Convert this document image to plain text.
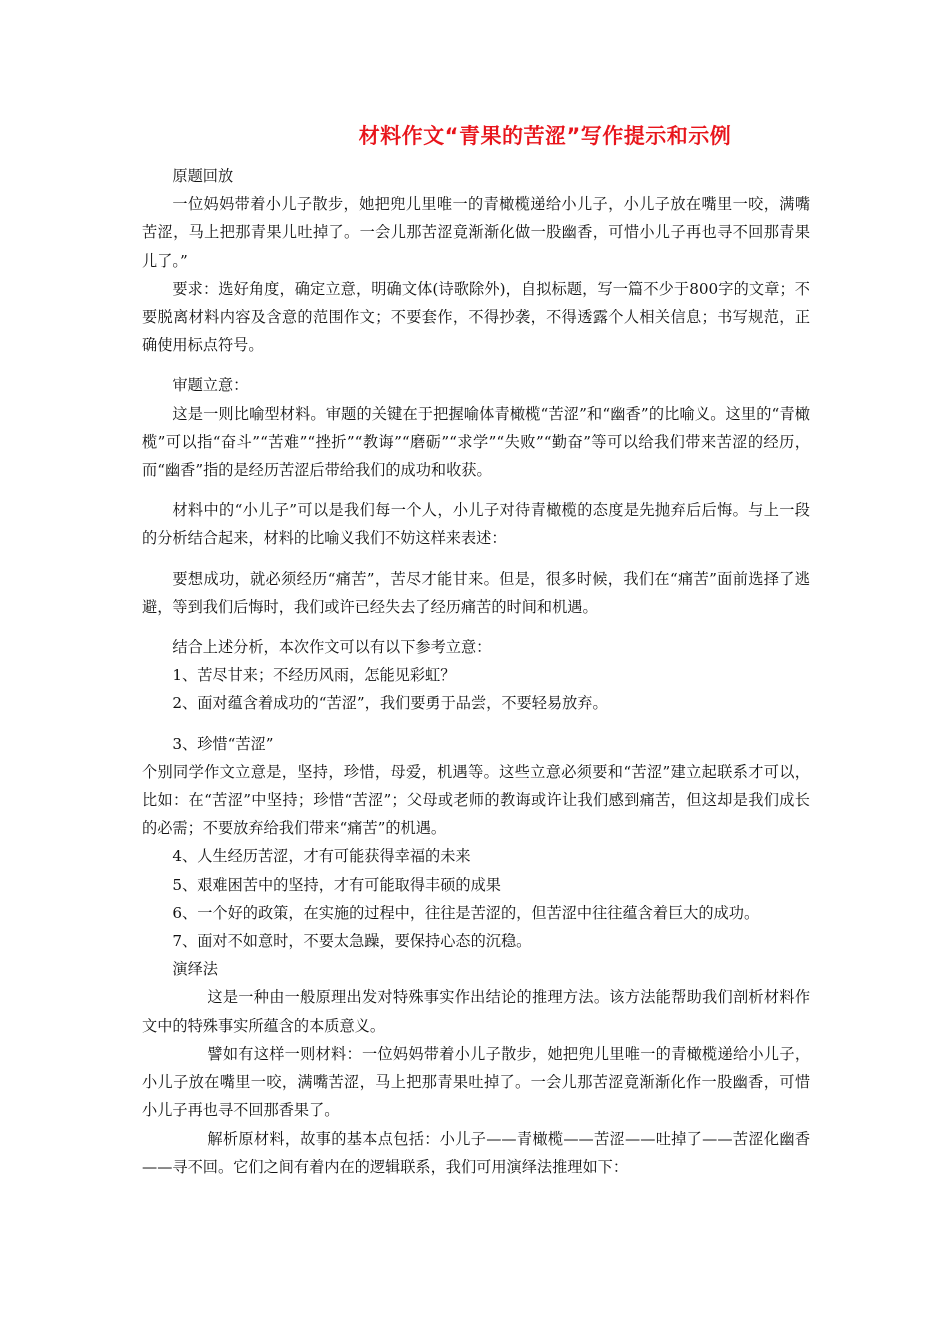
材料作文“青果的苦涩”写作提示和示例

原题回放

一位妈妈带着小儿子散步，她把兜儿里唯一的青橄榄递给小儿子，小儿子放在嘴里一咬，满嘴苦涩，马上把那青果儿吐掉了。一会儿那苦涩竟渐渐化做一股幽香，可惜小儿子再也寻不回那青果儿了。”

要求：选好角度，确定立意，明确文体(诗歌除外)，自拟标题，写一篇不少于800字的文章；不要脱离材料内容及含意的范围作文；不要套作，不得抄袭，不得透露个人相关信息；书写规范，正确使用标点符号。

审题立意：

这是一则比喻型材料。审题的关键在于把握喻体青橄榄“苦涩”和“幽香”的比喻义。这里的“青橄榄”可以指“奋斗”“苦难”“挫折”“教诲”“磨砺”“求学”“失败”“勤奋”等可以给我们带来苦涩的经历，而“幽香”指的是经历苦涩后带给我们的成功和收获。

材料中的“小儿子”可以是我们每一个人，小儿子对待青橄榄的态度是先抛弃后后悔。与上一段的分析结合起来，材料的比喻义我们不妨这样来表述：

要想成功，就必须经历“痛苦”，苦尽才能甘来。但是，很多时候，我们在“痛苦”面前选择了逃避，等到我们后悔时，我们或许已经失去了经历痛苦的时间和机遇。

结合上述分析，本次作文可以有以下参考立意：

1、苦尽甘来；不经历风雨，怎能见彩虹？

2、面对蕴含着成功的“苦涩”，我们要勇于品尝，不要轻易放弃。

3、珍惜“苦涩”

个别同学作文立意是，坚持，珍惜，母爱，机遇等。这些立意必须要和“苦涩”建立起联系才可以，比如：在“苦涩”中坚持；珍惜“苦涩”；父母或老师的教诲或许让我们感到痛苦，但这却是我们成长的必需；不要放弃给我们带来“痛苦”的机遇。

4、人生经历苦涩，才有可能获得幸福的未来

5、艰难困苦中的坚持，才有可能取得丰硕的成果

6、一个好的政策，在实施的过程中，往往是苦涩的，但苦涩中往往蕴含着巨大的成功。

7、面对不如意时，不要太急躁，要保持心态的沉稳。

演绎法

这是一种由一般原理出发对特殊事实作出结论的推理方法。该方法能帮助我们剖析材料作文中的特殊事实所蕴含的本质意义。

譬如有这样一则材料：一位妈妈带着小儿子散步，她把兜儿里唯一的青橄榄递给小儿子，小儿子放在嘴里一咬，满嘴苦涩，马上把那青果吐掉了。一会儿那苦涩竟渐渐化作一股幽香，可惜小儿子再也寻不回那香果了。

解析原材料，故事的基本点包括：小儿子——青橄榄——苦涩——吐掉了——苦涩化幽香——寻不回。它们之间有着内在的逻辑联系，我们可用演绎法推理如下：
